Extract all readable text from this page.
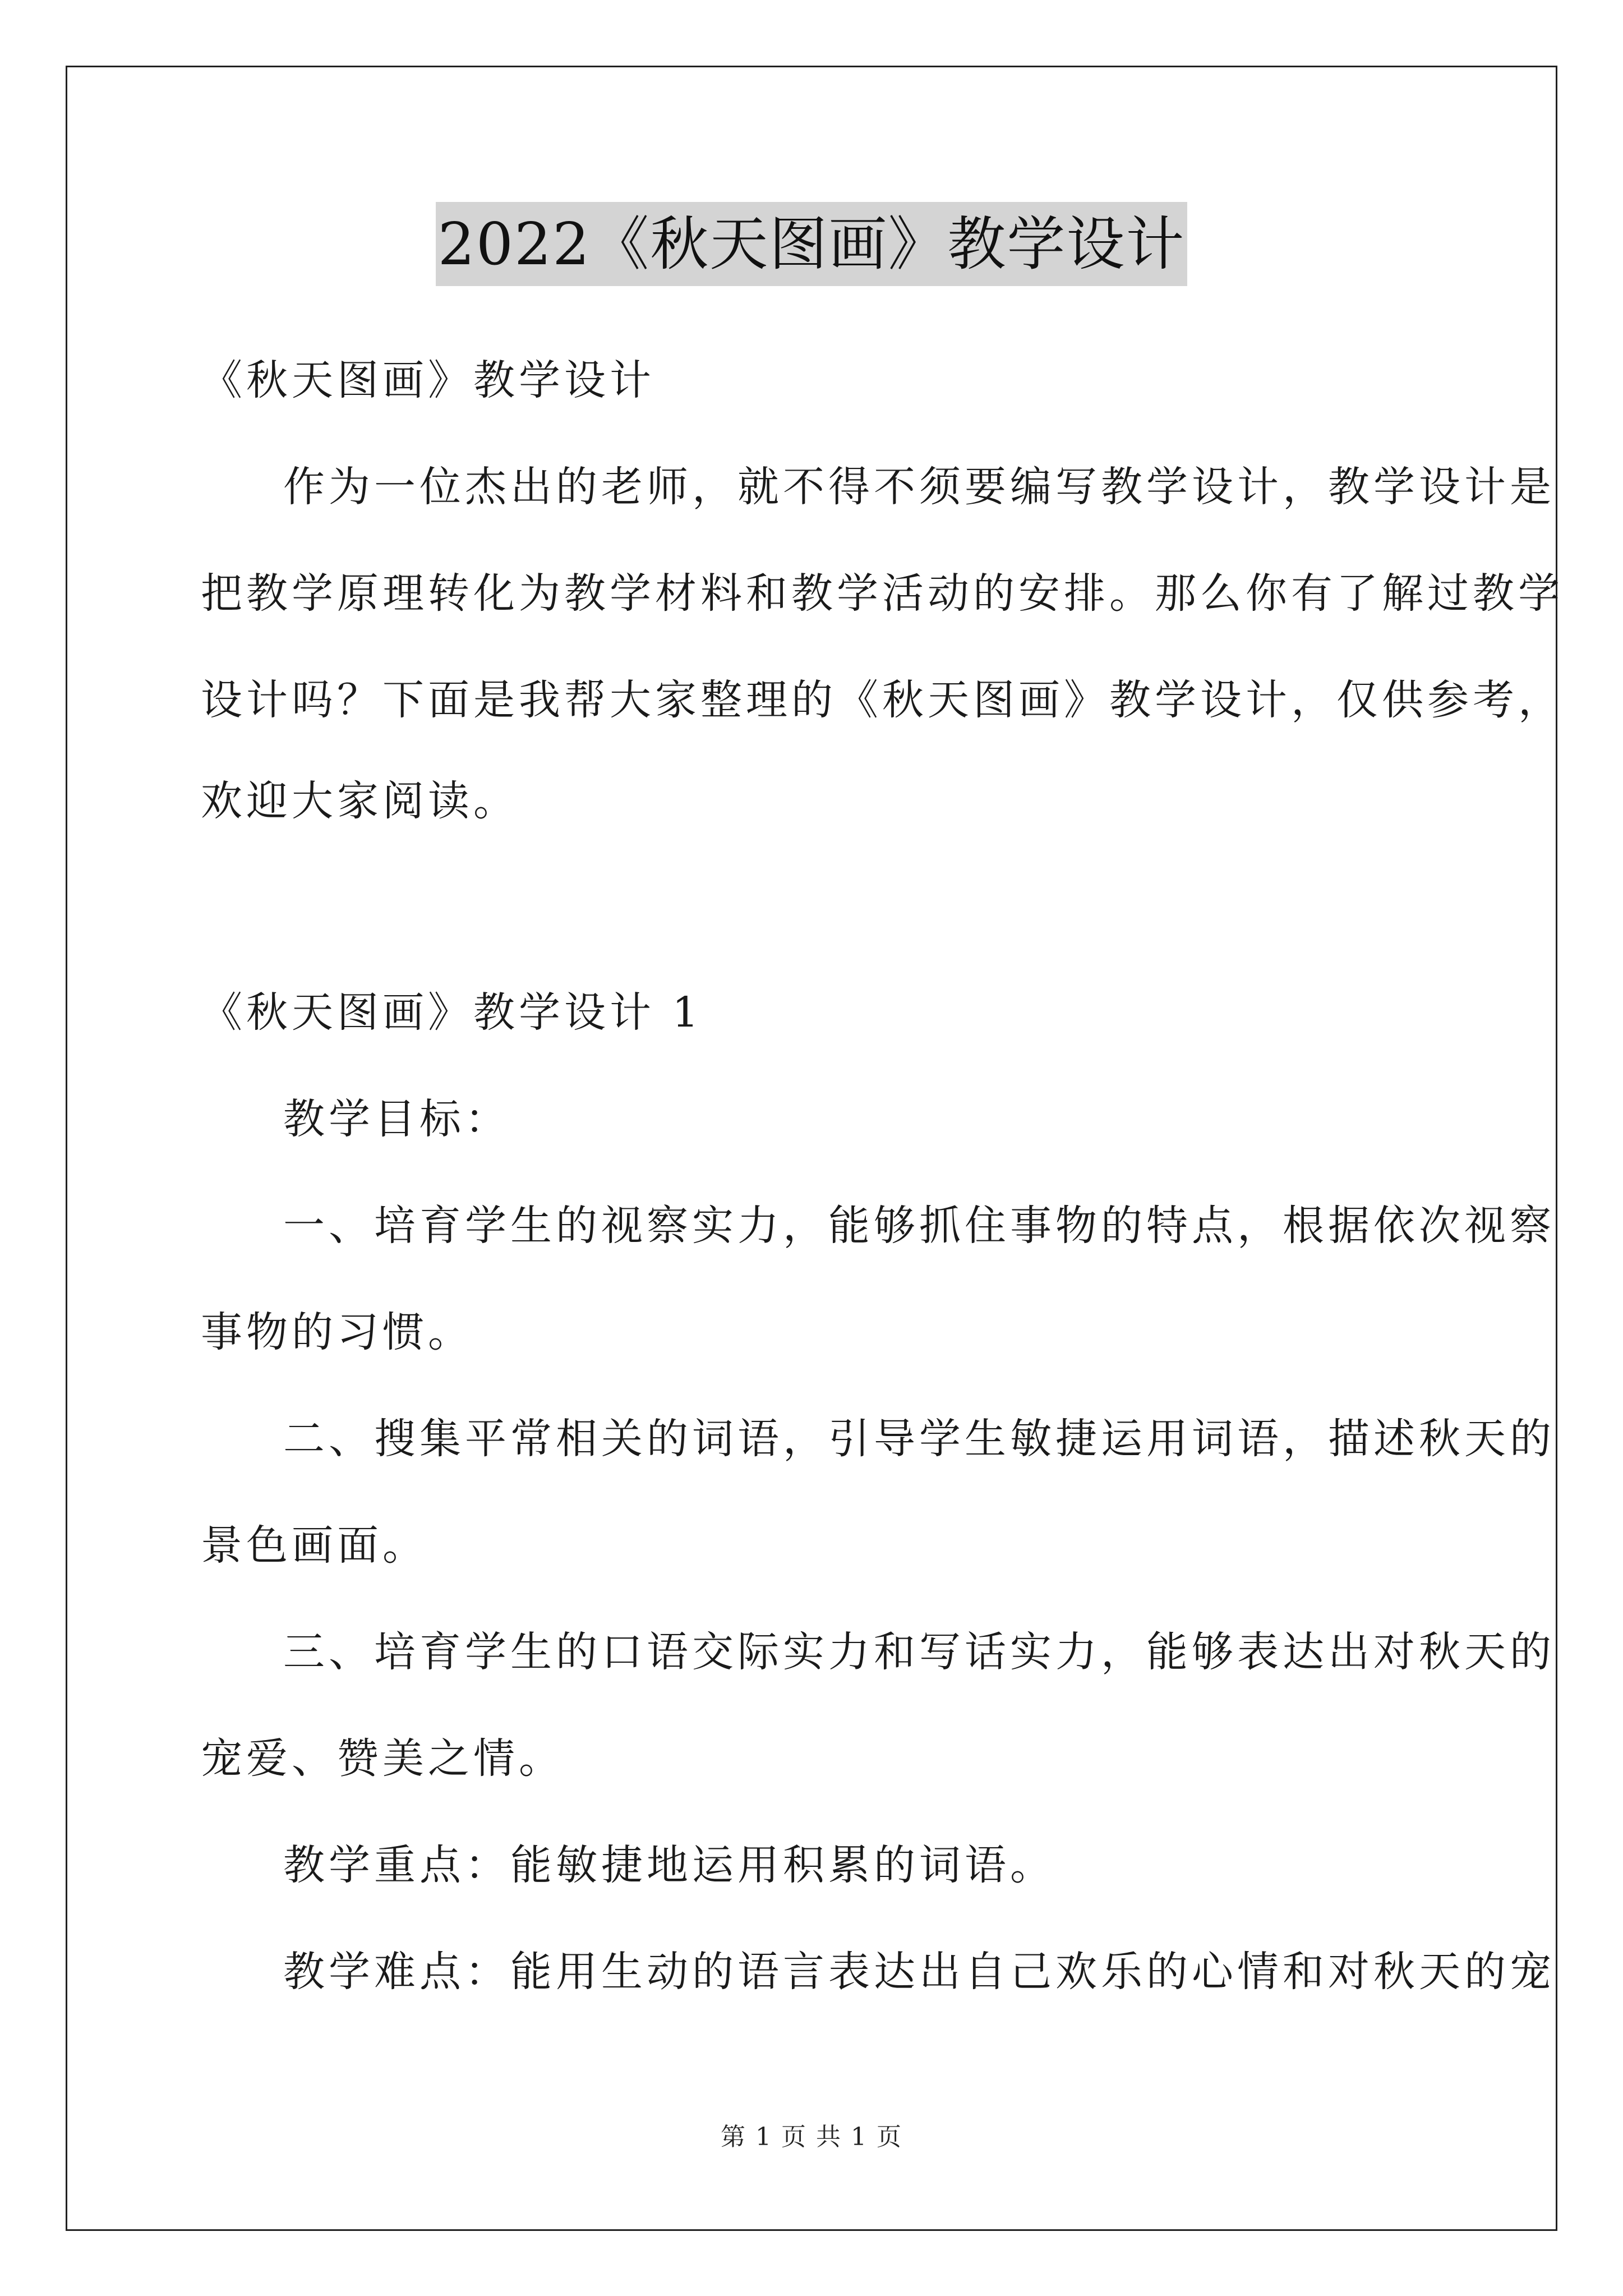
2022《秋天图画》教学设计
《秋天图画》教学设计
作为一位杰出的老师，就不得不须要编写教学设计，教学设计是
把教学原理转化为教学材料和教学活动的安排。那么你有了解过教学
设计吗？下面是我帮大家整理的《秋天图画》教学设计，仅供参考，
欢迎大家阅读。
《秋天图画》教学设计 1
教学目标：
一、培育学生的视察实力，能够抓住事物的特点，根据依次视察
事物的习惯。
二、搜集平常相关的词语，引导学生敏捷运用词语，描述秋天的
景色画面。
三、培育学生的口语交际实力和写话实力，能够表达出对秋天的
宠爱、赞美之情。
教学重点：能敏捷地运用积累的词语。
教学难点：能用生动的语言表达出自己欢乐的心情和对秋天的宠
第 1 页 共 1 页
